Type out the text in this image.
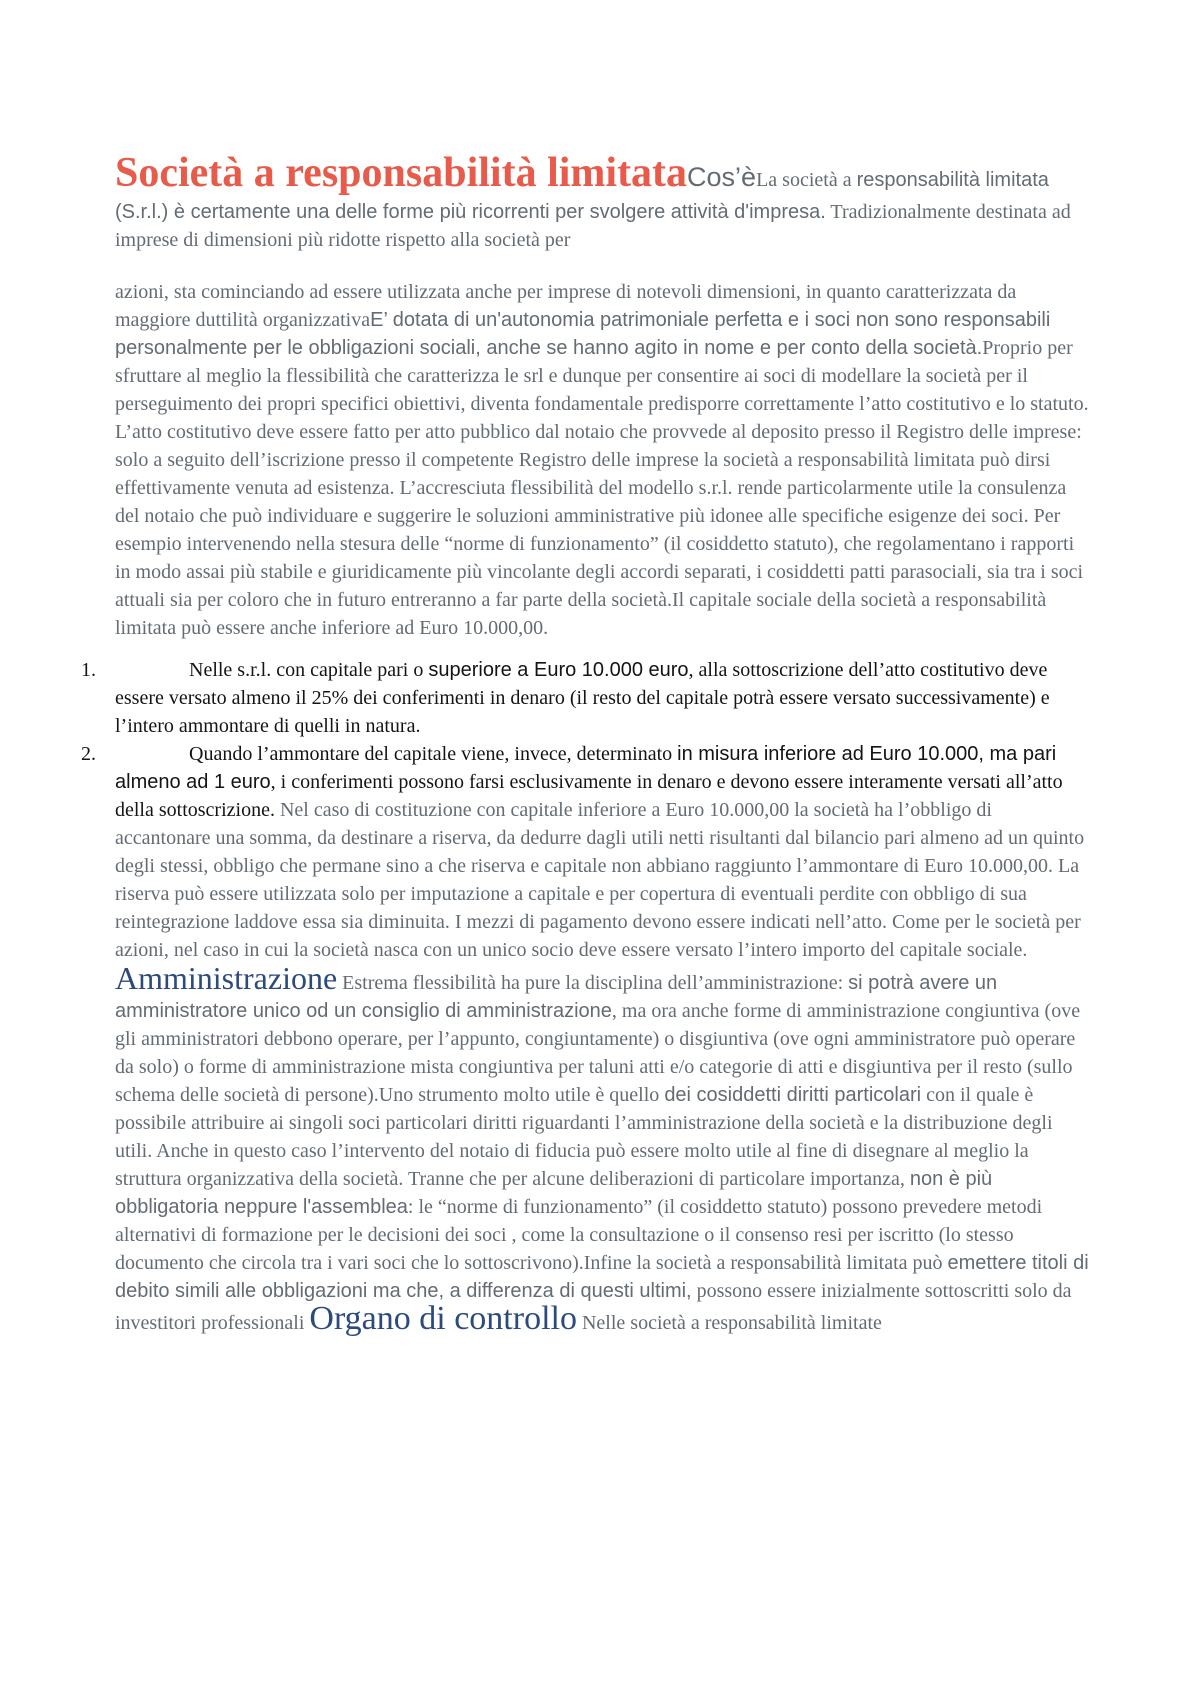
Società a responsabilità limitataCos’èLa società a responsabilità limitata (S.r.l.) è certamente una delle forme più ricorrenti per svolgere attività d'impresa. Tradizionalmente destinata ad imprese di dimensioni più ridotte rispetto alla società per
azioni, sta cominciando ad essere utilizzata anche per imprese di notevoli dimensioni, in quanto caratterizzata da maggiore duttilità organizzativaE’ dotata di un'autonomia patrimoniale perfetta e i soci non sono responsabili personalmente per le obbligazioni sociali, anche se hanno agito in nome e per conto della società.Proprio per sfruttare al meglio la flessibilità che caratterizza le srl e dunque per consentire ai soci di modellare la società per il perseguimento dei propri specifici obiettivi, diventa fondamentale predisporre correttamente l’atto costitutivo e lo statuto. L’atto costitutivo deve essere fatto per atto pubblico dal notaio che provvede al deposito presso il Registro delle imprese: solo a seguito dell’iscrizione presso il competente Registro delle imprese la società a responsabilità limitata può dirsi effettivamente venuta ad esistenza. L’accresciuta flessibilità del modello s.r.l. rende particolarmente utile la consulenza del notaio che può individuare e suggerire le soluzioni amministrative più idonee alle specifiche esigenze dei soci. Per esempio intervenendo nella stesura delle “norme di funzionamento” (il cosiddetto statuto), che regolamentano i rapporti in modo assai più stabile e giuridicamente più vincolante degli accordi separati, i cosiddetti patti parasociali, sia tra i soci attuali sia per coloro che in futuro entreranno a far parte della società.Il capitale sociale della società a responsabilità limitata può essere anche inferiore ad Euro 10.000,00.
1.	Nelle s.r.l. con capitale pari o superiore a Euro 10.000 euro, alla sottoscrizione dell’atto costitutivo deve essere versato almeno il 25% dei conferimenti in denaro (il resto del capitale potrà essere versato successivamente) e l’intero ammontare di quelli in natura.
2.	Quando l’ammontare del capitale viene, invece, determinato in misura inferiore ad Euro 10.000, ma pari almeno ad 1 euro, i conferimenti possono farsi esclusivamente in denaro e devono essere interamente versati all’atto della sottoscrizione. Nel caso di costituzione con capitale inferiore a Euro 10.000,00 la società ha l’obbligo di accantonare una somma, da destinare a riserva, da dedurre dagli utili netti risultanti dal bilancio pari almeno ad un quinto degli stessi, obbligo che permane sino a che riserva e capitale non abbiano raggiunto l’ammontare di Euro 10.000,00. La riserva può essere utilizzata solo per imputazione a capitale e per copertura di eventuali perdite con obbligo di sua reintegrazione laddove essa sia diminuita. I mezzi di pagamento devono essere indicati nell’atto. Come per le società per azioni, nel caso in cui la società nasca con un unico socio deve essere versato l’intero importo del capitale sociale. Amministrazione Estrema flessibilità ha pure la disciplina dell’amministrazione: si potrà avere un amministratore unico od un consiglio di amministrazione, ma ora anche forme di amministrazione congiuntiva (ove gli amministratori debbono operare, per l’appunto, congiuntamente) o disgiuntiva (ove ogni amministratore può operare da solo) o forme di amministrazione mista congiuntiva per taluni atti e/o categorie di atti e disgiuntiva per il resto (sullo schema delle società di persone).Uno strumento molto utile è quello dei cosiddetti diritti particolari con il quale è possibile attribuire ai singoli soci particolari diritti riguardanti l’amministrazione della società e la distribuzione degli utili. Anche in questo caso l’intervento del notaio di fiducia può essere molto utile al fine di disegnare al meglio la struttura organizzativa della società. Tranne che per alcune deliberazioni di particolare importanza, non è più obbligatoria neppure l'assemblea: le “norme di funzionamento” (il cosiddetto statuto) possono prevedere metodi alternativi di formazione per le decisioni dei soci , come la consultazione o il consenso resi per iscritto (lo stesso documento che circola tra i vari soci che lo sottoscrivono).Infine la società a responsabilità limitata può emettere titoli di debito simili alle obbligazioni ma che, a differenza di questi ultimi, possono essere inizialmente sottoscritti solo da investitori professionali Organo di controllo Nelle società a responsabilità limitate
